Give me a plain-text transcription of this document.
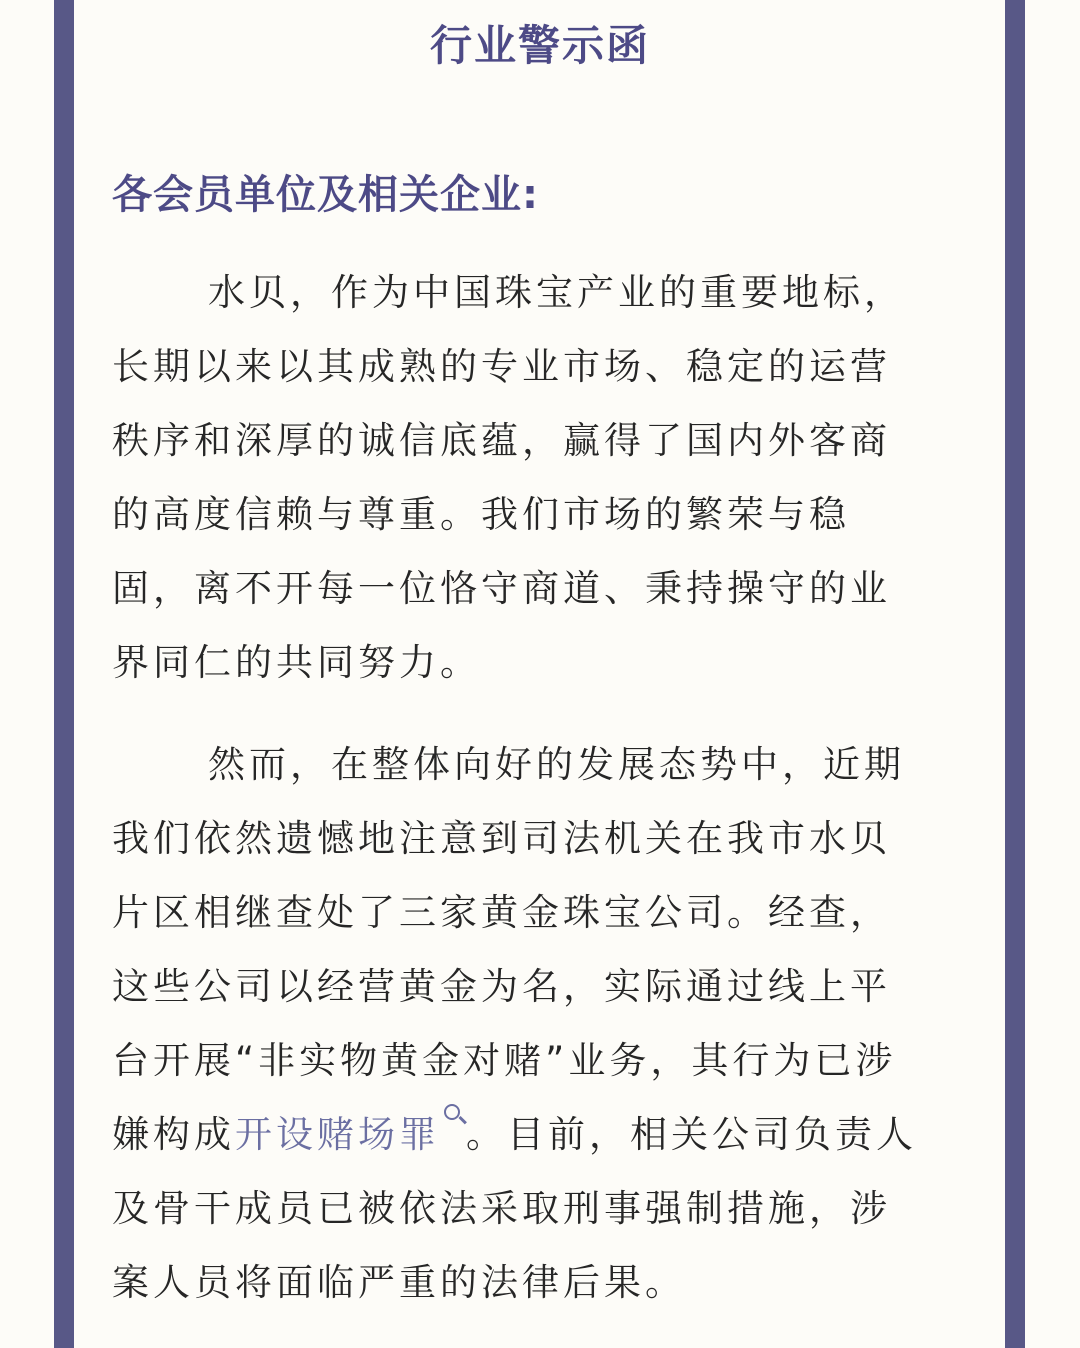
行业警示函
各会员单位及相关企业:
水贝，作为中国珠宝产业的重要地标，
长期以来以其成熟的专业市场、稳定的运营
秩序和深厚的诚信底蕴，赢得了国内外客商
的高度信赖与尊重。我们市场的繁荣与稳
固，离不开每一位恪守商道、秉持操守的业
界同仁的共同努力。
然而，在整体向好的发展态势中，近期
我们依然遗憾地注意到司法机关在我市水贝
片区相继查处了三家黄金珠宝公司。经查，
这些公司以经营黄金为名，实际通过线上平
台开展“非实物黄金对赌”业务，其行为已涉
嫌构成开设赌场罪 。目前，相关公司负责人
及骨干成员已被依法采取刑事强制措施，涉
案人员将面临严重的法律后果。
